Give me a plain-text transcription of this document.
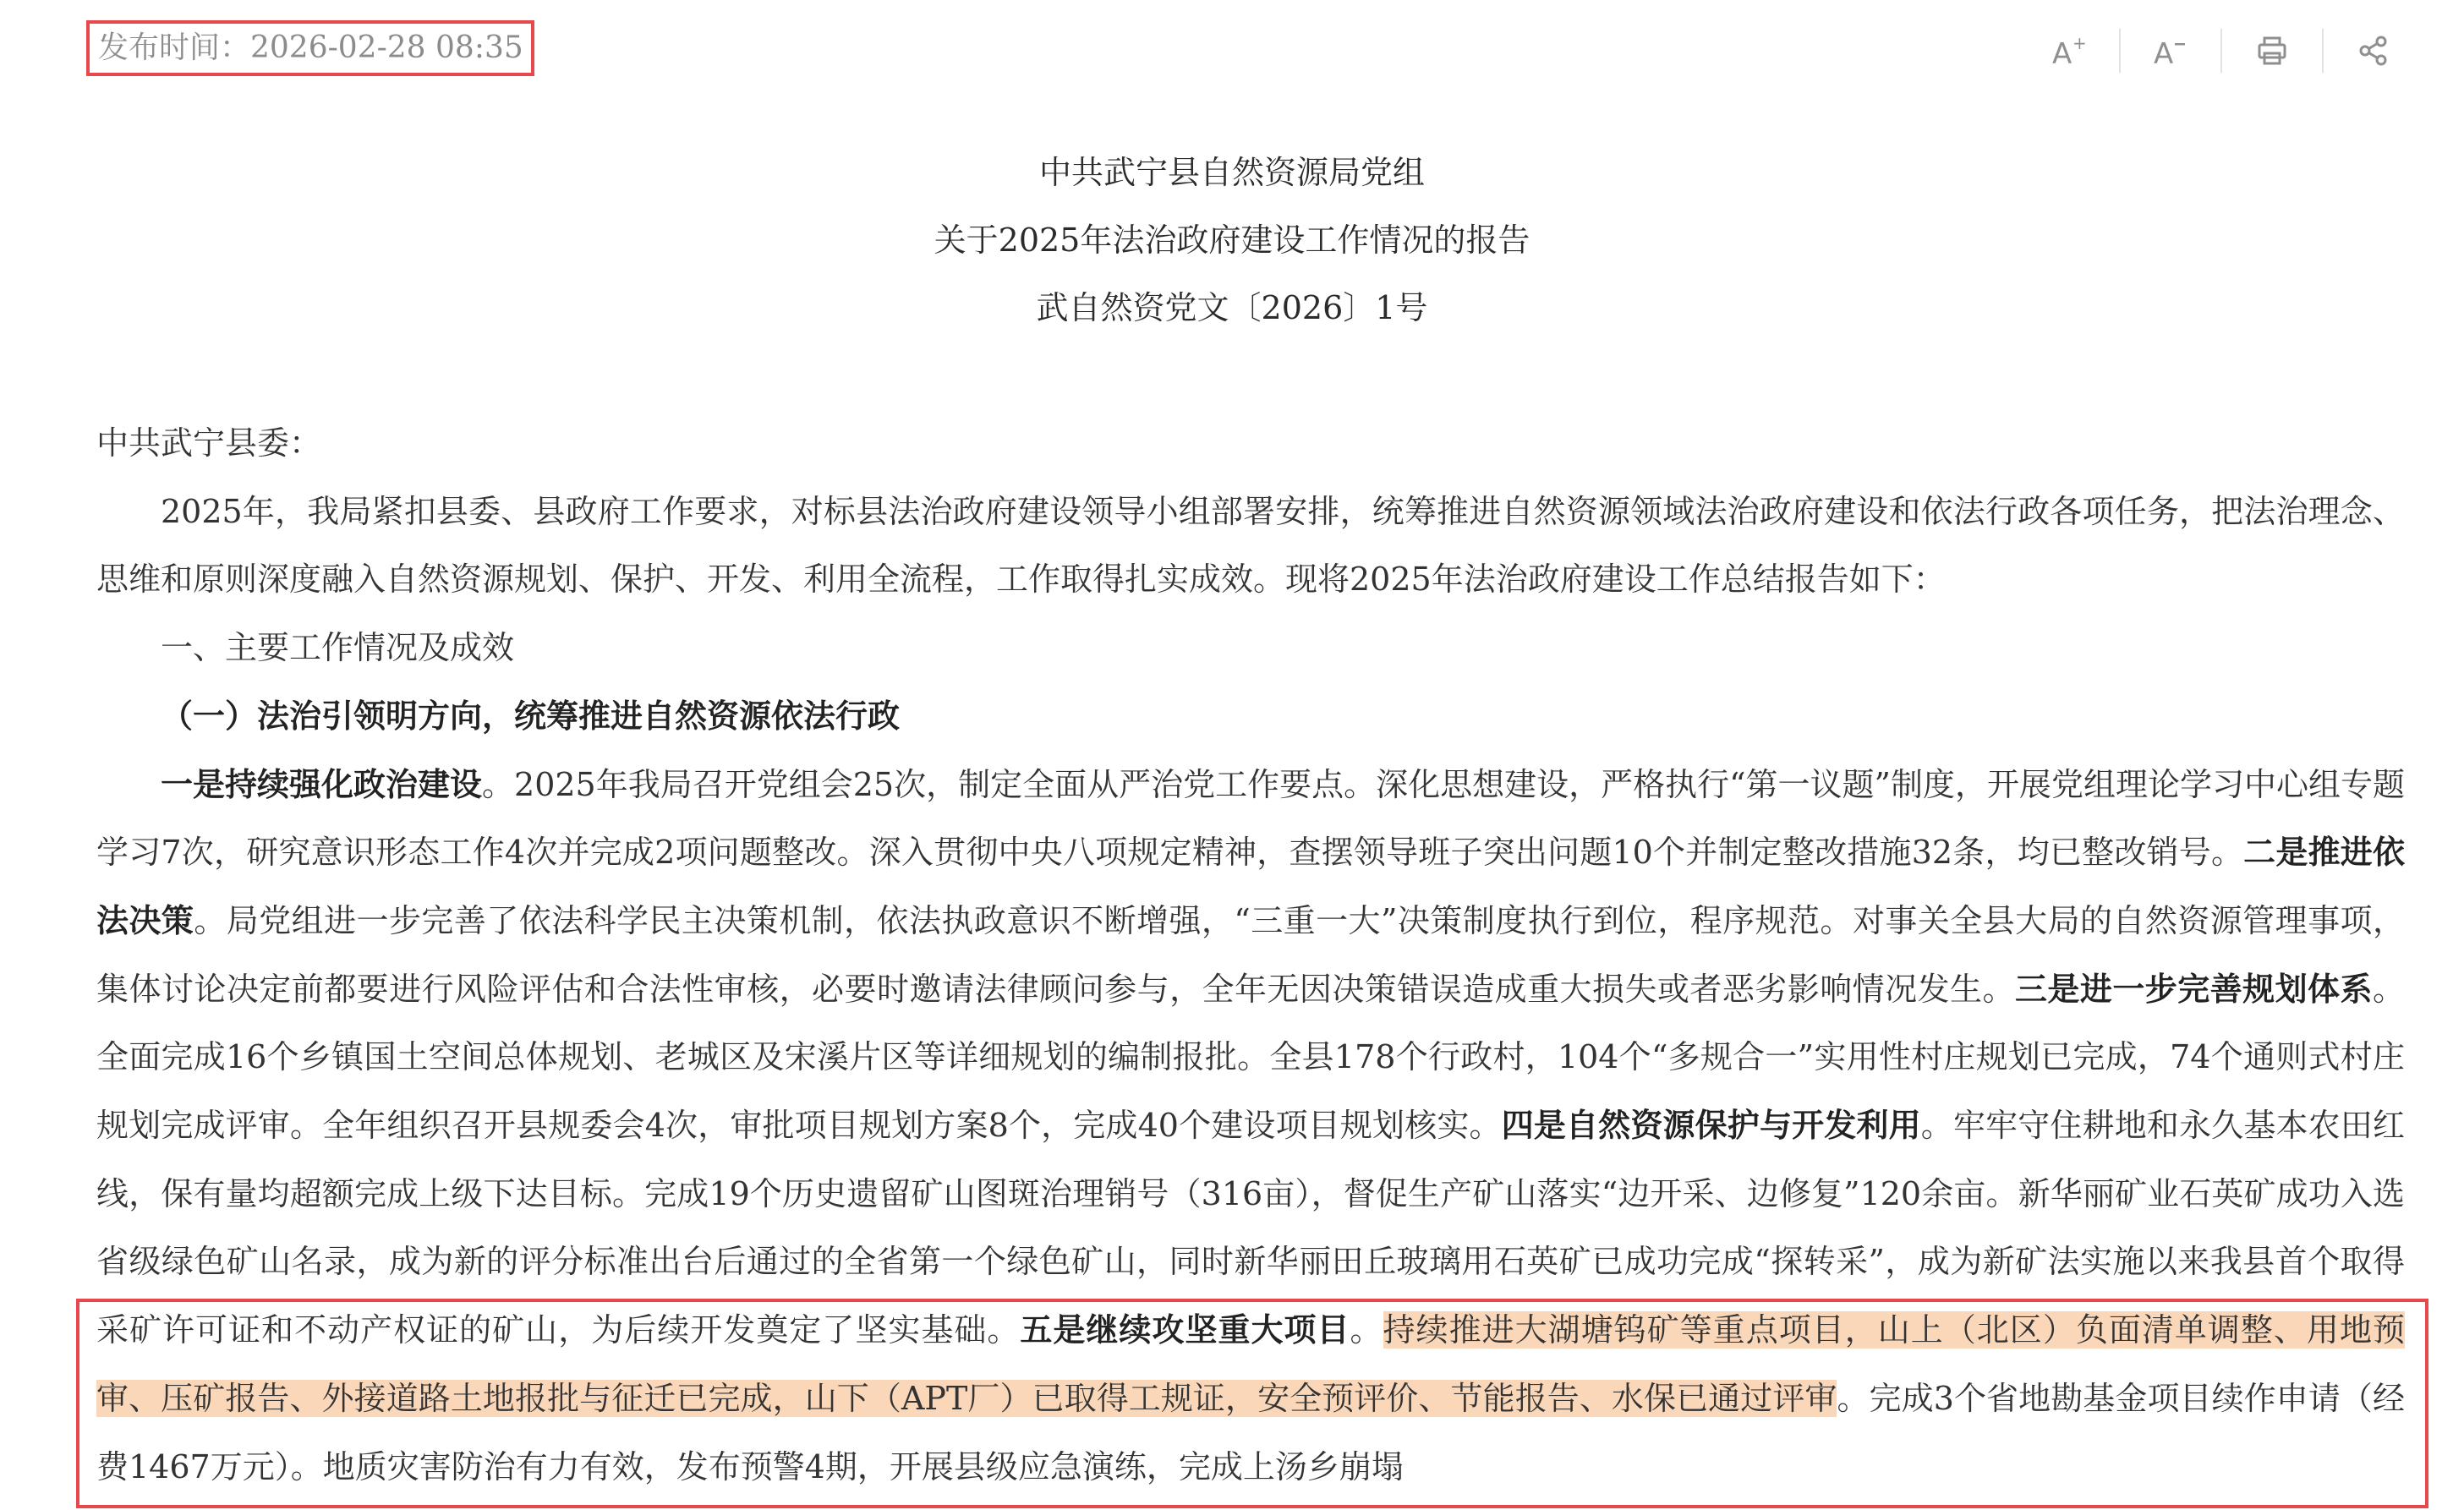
发布时间：2026-02-28 08:35	A + A
中共武宁县自然资源局党组
关于2025年法治政府建设工作情况的报告
武自然资党文〔2026〕1号

中共武宁县委：

2025年，我局紧扣县委、县政府工作要求，对标县法治政府建设领导小组部署安排，统筹推进自然资源领域法治政府建设和依法行政各项任务，把法治理念、思维和原则深度融入自然资源规划、保护、开发、利用全流程，工作取得扎实成效。现将2025年法治政府建设工作总结报告如下：

一、主要工作情况及成效

（一）法治引领明方向，统筹推进自然资源依法行政

一是持续强化政治建设。2025年我局召开党组会25次，制定全面从严治党工作要点。深化思想建设，严格执行“第一议题”制度，开展党组理论学习中心组专题学习7次，研究意识形态工作4次并完成2项问题整改。深入贯彻中央八项规定精神，查摆领导班子突出问题10个并制定整改措施32条，均已整改销号。二是推进依法决策。局党组进一步完善了依法科学民主决策机制，依法执政意识不断增强，“三重一大”决策制度执行到位，程序规范。对事关全县大局的自然资源管理事项，集体讨论决定前都要进行风险评估和合法性审核，必要时邀请法律顾问参与，全年无因决策错误造成重大损失或者恶劣影响情况发生。三是进一步完善规划体系。全面完成16个乡镇国土空间总体规划、老城区及宋溪片区等详细规划的编制报批。全县178个行政村，104个“多规合一”实用性村庄规划已完成，74个通则式村庄规划完成评审。全年组织召开县规委会4次，审批项目规划方案8个，完成40个建设项目规划核实。四是自然资源保护与开发利用。牢牢守住耕地和永久基本农田红线，保有量均超额完成上级下达目标。完成19个历史遗留矿山图斑治理销号（316亩），督促生产矿山落实“边开采、边修复”120余亩。新华丽矿业石英矿成功入选省级绿色矿山名录，成为新的评分标准出台后通过的全省第一个绿色矿山，同时新华丽田丘玻璃用石英矿已成功完成“探转采”，成为新矿法实施以来我县首个取得采矿许可证和不动产权证的矿山，为后续开发奠定了坚实基础。五是继续攻坚重大项目。持续推进大湖塘钨矿等重点项目，山上（北区）负面清单调整、用地预审、压矿报告、外接道路土地报批与征迁已完成，山下（APT厂）已取得工规证，安全预评价、节能报告、水保已通过评审。完成3个省地勘基金项目续作申请（经费1467万元）。地质灾害防治有力有效，发布预警4期，开展县级应急演练，完成上汤乡崩塌
